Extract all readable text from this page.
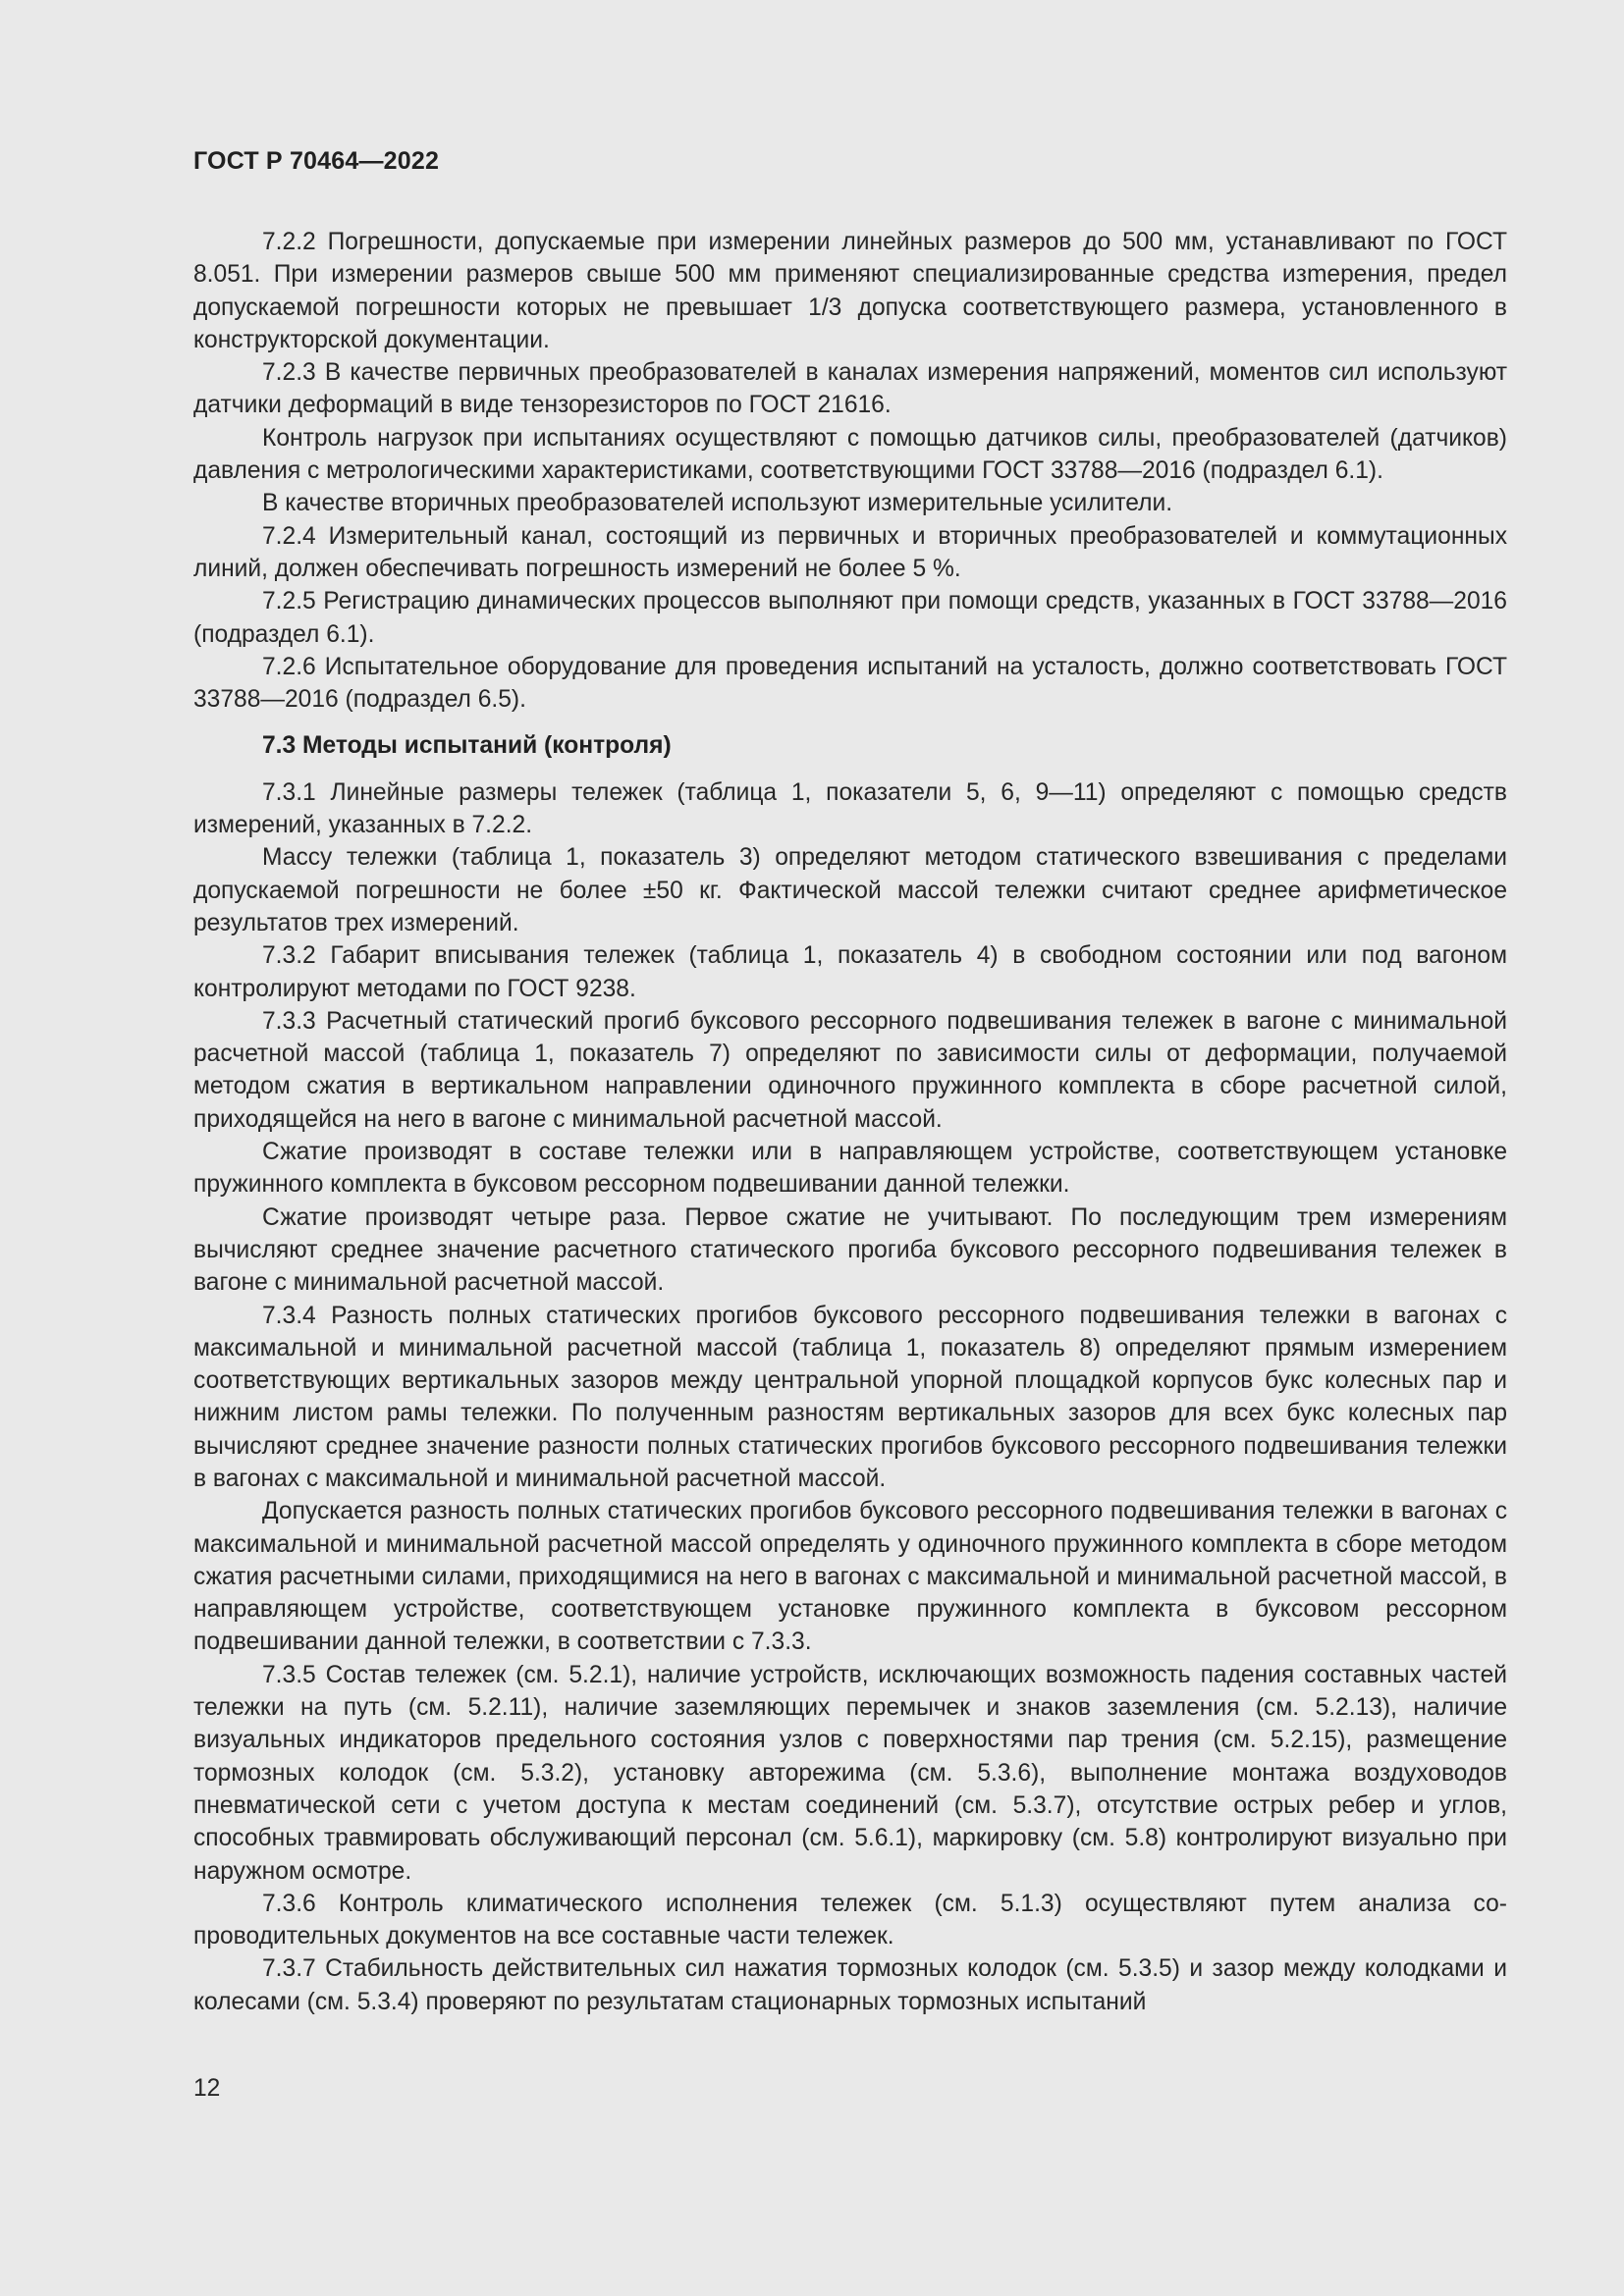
ГОСТ Р 70464—2022

7.2.2 Погрешности, допускаемые при измерении линейных размеров до 500 мм, устанавливают по ГОСТ 8.051. При измерении размеров свыше 500 мм применяют специализированные средства изmерения, предел допускаемой погрешности которых не превышает 1/3 допуска соответствующего размера, установленного в конструкторской документации.

7.2.3 В качестве первичных преобразователей в каналах измерения напряжений, моментов сил используют датчики деформаций в виде тензорезисторов по ГОСТ 21616.

Контроль нагрузок при испытаниях осуществляют с помощью датчиков силы, преобразователей (датчиков) давления с метрологическими характеристиками, соответствующими ГОСТ 33788—2016 (подраздел 6.1).

В качестве вторичных преобразователей используют измерительные усилители.

7.2.4 Измерительный канал, состоящий из первичных и вторичных преобразователей и коммутационных линий, должен обеспечивать погрешность измерений не более 5 %.

7.2.5 Регистрацию динамических процессов выполняют при помощи средств, указанных в ГОСТ 33788—2016 (подраздел 6.1).

7.2.6 Испытательное оборудование для проведения испытаний на усталость, должно соответствовать ГОСТ 33788—2016 (подраздел 6.5).

7.3 Методы испытаний (контроля)

7.3.1 Линейные размеры тележек (таблица 1, показатели 5, 6, 9—11) определяют с помощью средств измерений, указанных в 7.2.2.

Массу тележки (таблица 1, показатель 3) определяют методом статического взвешивания с пределами допускаемой погрешности не более ±50 кг. Фактической массой тележки считают среднее арифметическое результатов трех измерений.

7.3.2 Габарит вписывания тележек (таблица 1, показатель 4) в свободном состоянии или под вагоном контролируют методами по ГОСТ 9238.

7.3.3 Расчетный статический прогиб буксового рессорного подвешивания тележек в вагоне с минимальной расчетной массой (таблица 1, показатель 7) определяют по зависимости силы от деформации, получаемой методом сжатия в вертикальном направлении одиночного пружинного комплекта в сборе расчетной силой, приходящейся на него в вагоне с минимальной расчетной массой.

Сжатие производят в составе тележки или в направляющем устройстве, соответствующем установке пружинного комплекта в буксовом рессорном подвешивании данной тележки.

Сжатие производят четыре раза. Первое сжатие не учитывают. По последующим трем измерениям вычисляют среднее значение расчетного статического прогиба буксового рессорного подвешивания тележек в вагоне с минимальной расчетной массой.

7.3.4 Разность полных статических прогибов буксового рессорного подвешивания тележки в вагонах с максимальной и минимальной расчетной массой (таблица 1, показатель 8) определяют прямым измерением соответствующих вертикальных зазоров между центральной упорной площадкой корпусов букс колесных пар и нижним листом рамы тележки. По полученным разностям вертикальных зазоров для всех букс колесных пар вычисляют среднее значение разности полных статических прогибов буксового рессорного подвешивания тележки в вагонах с максимальной и минимальной расчетной массой.

Допускается разность полных статических прогибов буксового рессорного подвешивания тележки в вагонах с максимальной и минимальной расчетной массой определять у одиночного пружинного комплекта в сборе методом сжатия расчетными силами, приходящимися на него в вагонах с максимальной и минимальной расчетной массой, в направляющем устройстве, соответствующем установке пружинного комплекта в буксовом рессорном подвешивании данной тележки, в соответствии с 7.3.3.

7.3.5 Состав тележек (см. 5.2.1), наличие устройств, исключающих возможность падения составных частей тележки на путь (см. 5.2.11), наличие заземляющих перемычек и знаков заземления (см. 5.2.13), наличие визуальных индикаторов предельного состояния узлов с поверхностями пар трения (см. 5.2.15), размещение тормозных колодок (см. 5.3.2), установку авторежима (см. 5.3.6), выполнение монтажа воздуховодов пневматической сети с учетом доступа к местам соединений (см. 5.3.7), отсутствие острых ребер и углов, способных травмировать обслуживающий персонал (см. 5.6.1), маркировку (см. 5.8) контролируют визуально при наружном осмотре.

7.3.6 Контроль климатического исполнения тележек (см. 5.1.3) осуществляют путем анализа сопроводительных документов на все составные части тележек.

7.3.7 Стабильность действительных сил нажатия тормозных колодок (см. 5.3.5) и зазор между колодками и колесами (см. 5.3.4) проверяют по результатам стационарных тормозных испытаний

12
